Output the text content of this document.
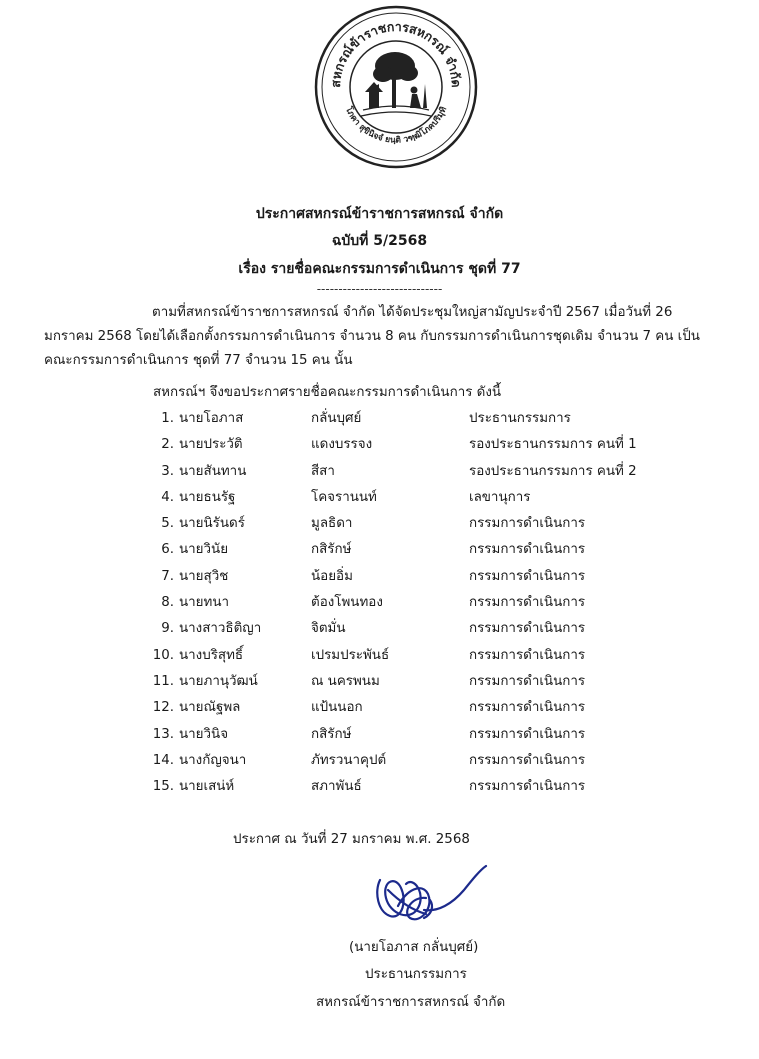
สหกรณ์ข้าราชการสหกรณ์ จำกัด
โภคา สุขินิจจํ ยนฺติ วฑฺฒิโภคปริมุทิ
ประกาศสหกรณ์ข้าราชการสหกรณ์ จำกัด
ฉบับที่ 5/2568
เรื่อง รายชื่อคณะกรรมการดำเนินการ ชุดที่ 77
-----------------------------
ตามที่สหกรณ์ข้าราชการสหกรณ์ จำกัด ได้จัดประชุมใหญ่สามัญประจำปี 2567 เมื่อวันที่ 26 มกราคม 2568 โดยได้เลือกตั้งกรรมการดำเนินการ จำนวน 8 คน กับกรรมการดำเนินการชุดเดิม จำนวน 7 คน เป็นคณะกรรมการดำเนินการ ชุดที่ 77 จำนวน 15 คน นั้น
สหกรณ์ฯ จึงขอประกาศรายชื่อคณะกรรมการดำเนินการ ดังนี้
1. นายโอภาส	กลั่นบุศย์	ประธานกรรมการ
2. นายประวัติ	แดงบรรจง	รองประธานกรรมการ คนที่ 1
3. นายสันทาน	สีสา	รองประธานกรรมการ คนที่ 2
4. นายธนรัฐ	โคจรานนท์	เลขานุการ
5. นายนิรันดร์	มูลธิดา	กรรมการดำเนินการ
6. นายวินัย	กสิรักษ์	กรรมการดำเนินการ
7. นายสุวิช	น้อยอิ่ม	กรรมการดำเนินการ
8. นายทนา	ต้องโพนทอง	กรรมการดำเนินการ
9. นางสาวธิติญา	จิตมั่น	กรรมการดำเนินการ
10. นางบริสุทธิ์	เปรมประพันธ์	กรรมการดำเนินการ
11. นายภานุวัฒน์	ณ นครพนม	กรรมการดำเนินการ
12. นายณัฐพล	แป้นนอก	กรรมการดำเนินการ
13. นายวินิจ	กสิรักษ์	กรรมการดำเนินการ
14. นางกัญจนา	ภัทรวนาคุปต์	กรรมการดำเนินการ
15. นายเสน่ห์	สภาพันธ์	กรรมการดำเนินการ
ประกาศ ณ วันที่ 27 มกราคม พ.ศ. 2568
(นายโอภาส กลั่นบุศย์)
ประธานกรรมการ
สหกรณ์ข้าราชการสหกรณ์ จำกัด
